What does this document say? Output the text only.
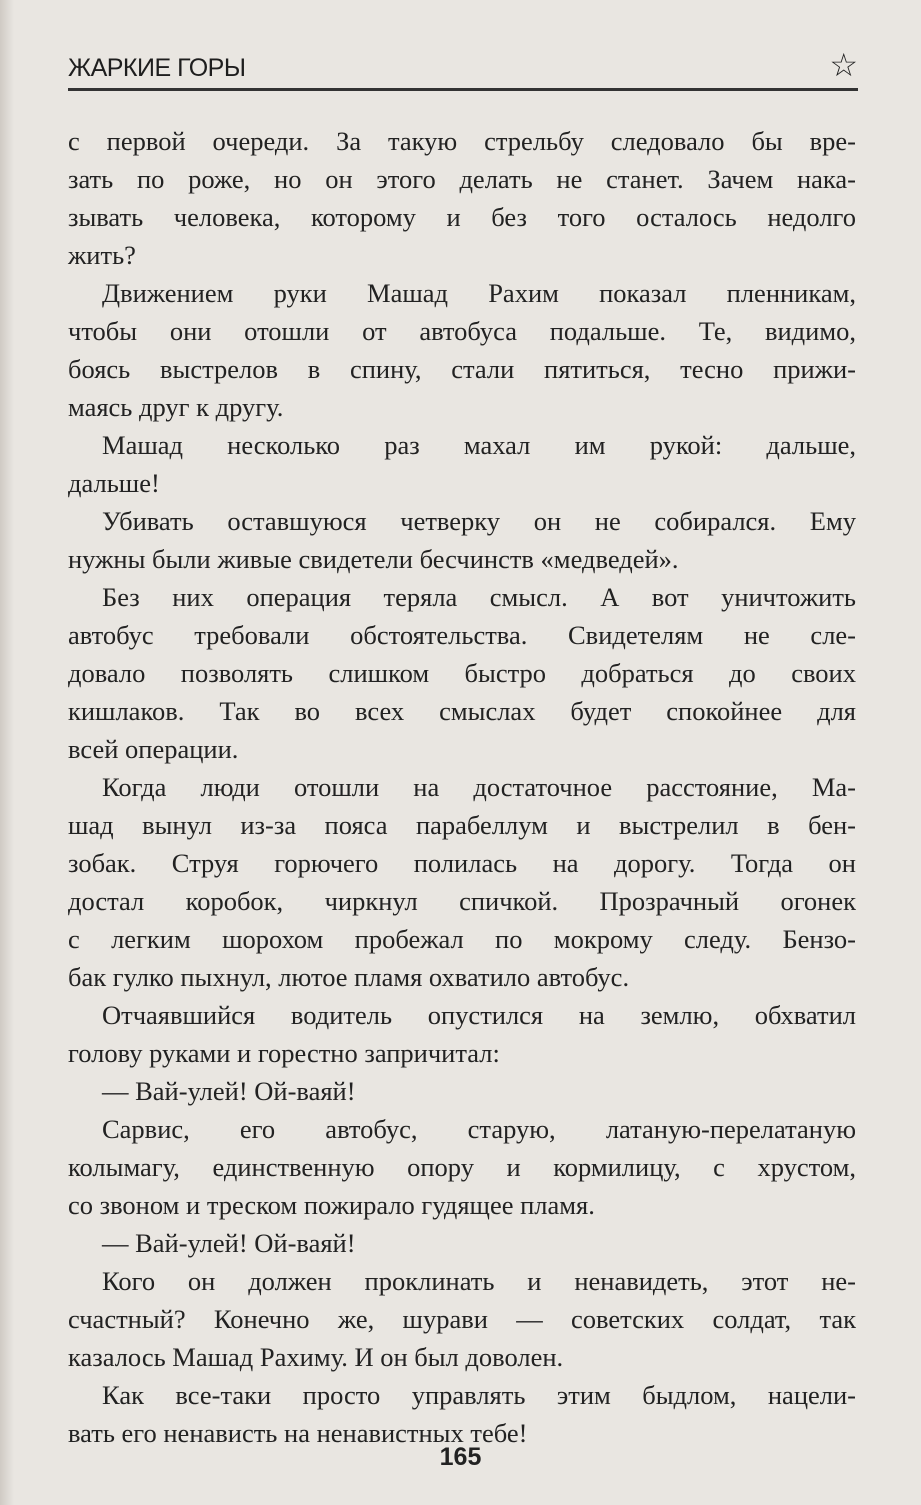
ЖАРКИЕ ГОРЫ	☆
с первой очереди. За такую стрельбу следовало бы вре-
зать по роже, но он этого делать не станет. Зачем нака-
зывать человека, которому и без того осталось недолго
жить?
Движением руки Машад Рахим показал пленникам,
чтобы они отошли от автобуса подальше. Те, видимо,
боясь выстрелов в спину, стали пятиться, тесно прижи-
маясь друг к другу.
Машад несколько раз махал им рукой: дальше,
дальше!
Убивать оставшуюся четверку он не собирался. Ему
нужны были живые свидетели бесчинств «медведей».
Без них операция теряла смысл. А вот уничтожить
автобус требовали обстоятельства. Свидетелям не сле-
довало позволять слишком быстро добраться до своих
кишлаков. Так во всех смыслах будет спокойнее для
всей операции.
Когда люди отошли на достаточное расстояние, Ма-
шад вынул из-за пояса парабеллум и выстрелил в бен-
зобак. Струя горючего полилась на дорогу. Тогда он
достал коробок, чиркнул спичкой. Прозрачный огонек
с легким шорохом пробежал по мокрому следу. Бензо-
бак гулко пыхнул, лютое пламя охватило автобус.
Отчаявшийся водитель опустился на землю, обхватил
голову руками и горестно запричитал:
— Вай-улей! Ой-ваяй!
Сарвис, его автобус, старую, латаную-перелатаную
колымагу, единственную опору и кормилицу, с хрустом,
со звоном и треском пожирало гудящее пламя.
— Вай-улей! Ой-ваяй!
Кого он должен проклинать и ненавидеть, этот не-
счастный? Конечно же, шурави — советских солдат, так
казалось Машад Рахиму. И он был доволен.
Как все-таки просто управлять этим быдлом, нацели-
вать его ненависть на ненавистных тебе!
165
